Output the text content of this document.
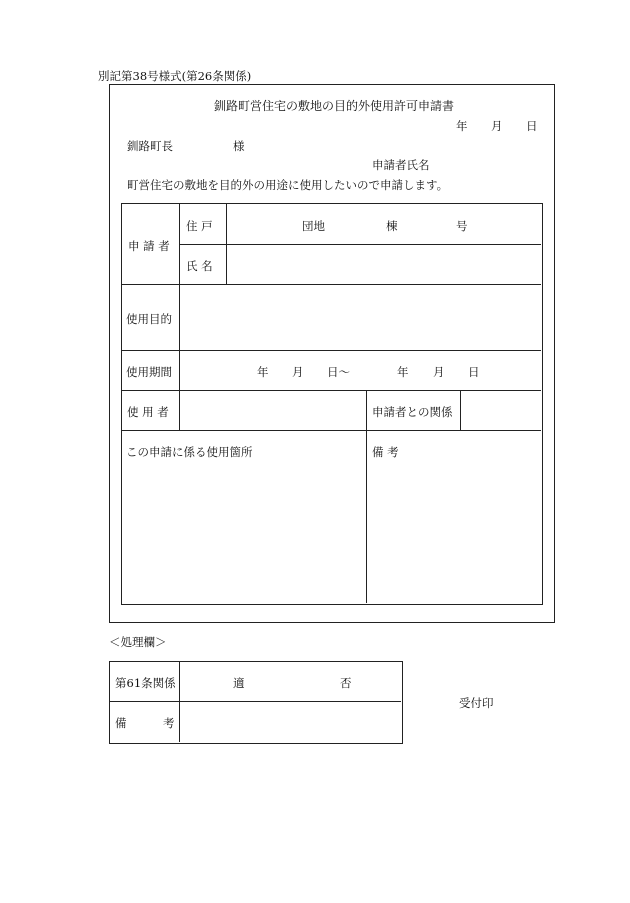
別記第38号様式(第26条関係)
釧路町営住宅の敷地の目的外使用許可申請書
年 月 日
釧路町長	様
申請者氏名
町営住宅の敷地を目的外の用途に使用したいので申請します。
申 請 者
住 戸	団地	棟	号
氏 名
使用目的
使用期間	年 月 日〜	年 月 日
使 用 者	申請者との関係
この申請に係る使用箇所	備 考
＜処理欄＞
第61条関係	適	否
備          考
受付印
